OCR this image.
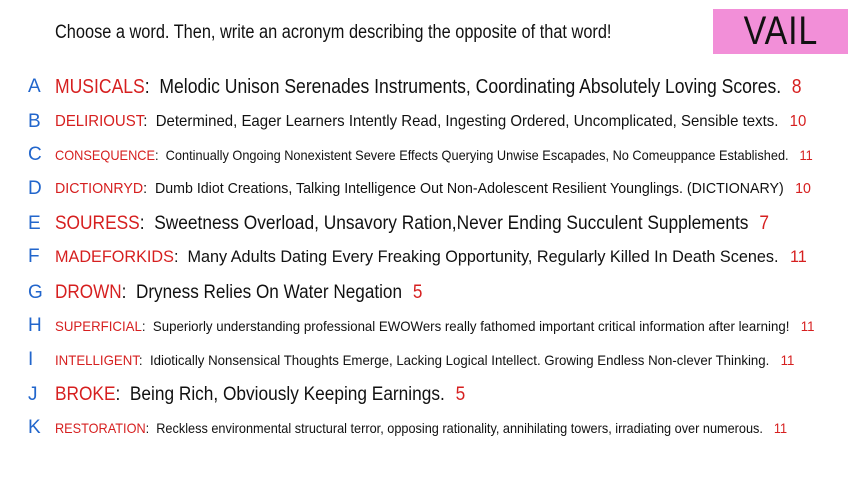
Choose a word. Then, write an acronym describing the opposite of that word!	VAIL
A MUSICALS:  Melodic Unison Serenades Instruments, Coordinating Absolutely Loving Scores. 8
B DELIRIOUST:  Determined, Eager Learners Intently Read, Ingesting Ordered, Uncomplicated, Sensible texts. 10
C CONSEQUENCE:  Continually Ongoing Nonexistent Severe Effects Querying Unwise Escapades, No Comeuppance Established. 11
D DICTIONRYD:  Dumb Idiot Creations, Talking Intelligence Out Non-Adolescent Resilient Younglings. (DICTIONARY) 10
E SOURESS:  Sweetness Overload, Unsavory Ration,Never Ending Succulent Supplements 7
F MADEFORKIDS:  Many Adults Dating Every Freaking Opportunity, Regularly Killed In Death Scenes. 11
G DROWN:  Dryness Relies On Water Negation 5
H SUPERFICIAL:  Superiorly understanding professional EWOWers really fathomed important critical information after learning! 11
I INTELLIGENT:  Idiotically Nonsensical Thoughts Emerge, Lacking Logical Intellect. Growing Endless Non-clever Thinking. 11
J BROKE:  Being Rich, Obviously Keeping Earnings. 5
K RESTORATION:  Reckless environmental structural terror, opposing rationality, annihilating towers, irradiating over numerous. 11
